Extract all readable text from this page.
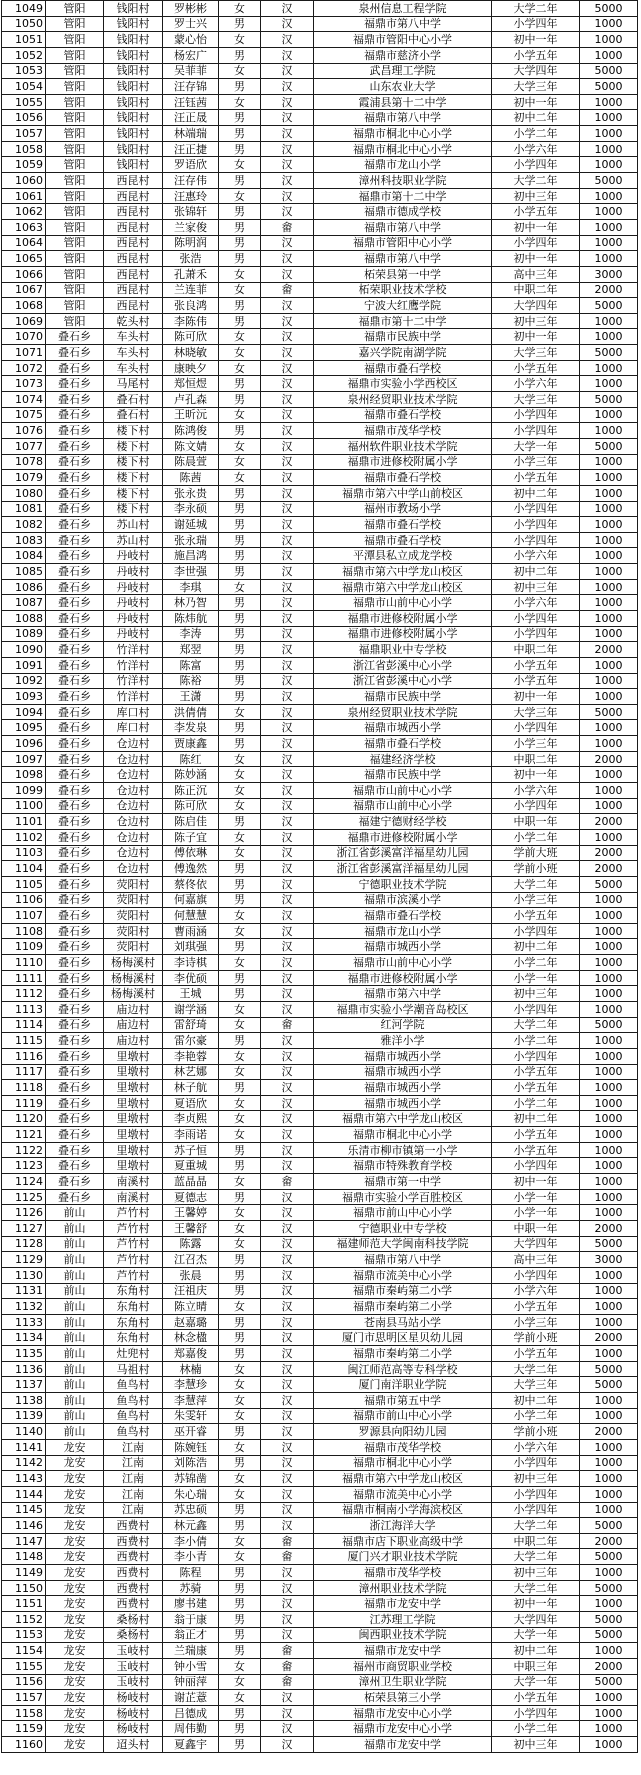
1049	管阳	钱阳村	罗彬彬	女	汉	泉州信息工程学院	大学二年	5000
1050	管阳	钱阳村	罗士兴	男	汉	福鼎市第八中学	小学四年	1000
1051	管阳	钱阳村	蒙心怡	女	汉	福鼎市管阳中心小学	初中一年	1000
1052	管阳	钱阳村	杨宏广	男	汉	福鼎市慈济小学	小学五年	1000
1053	管阳	钱阳村	吴菲菲	女	汉	武昌理工学院	大学四年	5000
1054	管阳	钱阳村	汪存锦	男	汉	山东农业大学	大学三年	5000
1055	管阳	钱阳村	汪钰茜	女	汉	霞浦县第十二中学	初中一年	1000
1056	管阳	钱阳村	汪正晟	男	汉	福鼎市第八中学	初中二年	1000
1057	管阳	钱阳村	林端瑞	男	汉	福鼎市桐北中心小学	小学二年	1000
1058	管阳	钱阳村	汪正捷	男	汉	福鼎市桐北中心小学	小学六年	1000
1059	管阳	钱阳村	罗语欣	女	汉	福鼎市龙山小学	小学四年	1000
1060	管阳	西昆村	汪存伟	男	汉	漳州科技职业学院	大学二年	5000
1061	管阳	西昆村	汪惠玲	女	汉	福鼎市第十二中学	初中三年	1000
1062	管阳	西昆村	张锦轩	男	汉	福鼎市德成学校	小学五年	1000
1063	管阳	西昆村	兰家俊	男	畲	福鼎市第八中学	初中一年	1000
1064	管阳	西昆村	陈明润	男	汉	福鼎市管阳中心小学	小学四年	1000
1065	管阳	西昆村	张浩	男	汉	福鼎市第八中学	初中一年	1000
1066	管阳	西昆村	孔萧禾	女	汉	柘荣县第一中学	高中三年	3000
1067	管阳	西昆村	兰连菲	女	畲	柘荣职业技术学校	中职二年	2000
1068	管阳	西昆村	张良鸿	男	汉	宁波大红鹰学院	大学四年	5000
1069	管阳	乾头村	李陈伟	男	汉	福鼎市第十二中学	初中三年	1000
1070	叠石乡	车头村	陈可欣	女	汉	福鼎市民族中学	初中一年	1000
1071	叠石乡	车头村	林晓敏	女	汉	嘉兴学院南湖学院	大学三年	5000
1072	叠石乡	车头村	康映夕	女	汉	福鼎市叠石学校	小学五年	1000
1073	叠石乡	马尾村	郑恒煜	男	汉	福鼎市实验小学西校区	小学六年	1000
1074	叠石乡	叠石村	卢孔森	男	汉	泉州经贸职业技术学院	大学三年	5000
1075	叠石乡	叠石村	王昕沅	女	汉	福鼎市叠石学校	小学四年	1000
1076	叠石乡	楼下村	陈鸿俊	男	汉	福鼎市茂华学校	小学四年	1000
1077	叠石乡	楼下村	陈文婧	女	汉	福州软件职业技术学院	大学一年	5000
1078	叠石乡	楼下村	陈晨萱	女	汉	福鼎市进修校附属小学	小学三年	1000
1079	叠石乡	楼下村	陈茜	女	汉	福鼎市叠石学校	小学五年	1000
1080	叠石乡	楼下村	张永贵	男	汉	福鼎市第六中学山前校区	初中二年	1000
1081	叠石乡	楼下村	李永硕	男	汉	福州市教场小学	小学四年	1000
1082	叠石乡	苏山村	谢延城	男	汉	福鼎市叠石学校	小学四年	1000
1083	叠石乡	苏山村	张永瑞	男	汉	福鼎市叠石学校	小学四年	1000
1084	叠石乡	丹岐村	施昌鸿	男	汉	平潭县私立成龙学校	小学六年	1000
1085	叠石乡	丹岐村	李世强	男	汉	福鼎市第六中学龙山校区	初中二年	1000
1086	叠石乡	丹岐村	李琪	女	汉	福鼎市第六中学龙山校区	初中三年	1000
1087	叠石乡	丹岐村	林乃智	男	汉	福鼎市山前中心小学	小学六年	1000
1088	叠石乡	丹岐村	陈炜航	男	汉	福鼎市进修校附属小学	小学四年	1000
1089	叠石乡	丹岐村	李涛	男	汉	福鼎市进修校附属小学	小学四年	1000
1090	叠石乡	竹洋村	郑翌	男	汉	福鼎职业中专学校	中职二年	2000
1091	叠石乡	竹洋村	陈富	男	汉	浙江省彭溪中心小学	小学五年	1000
1092	叠石乡	竹洋村	陈裕	男	汉	浙江省彭溪中心小学	小学五年	1000
1093	叠石乡	竹洋村	王潇	男	汉	福鼎市民族中学	初中一年	1000
1094	叠石乡	库口村	洪倩倩	女	汉	泉州经贸职业技术学院	大学三年	5000
1095	叠石乡	库口村	李发泉	男	汉	福鼎市城西小学	小学四年	1000
1096	叠石乡	仓边村	贾康鑫	男	汉	福鼎市叠石学校	小学三年	1000
1097	叠石乡	仓边村	陈红	女	汉	福建经济学校	中职二年	2000
1098	叠石乡	仓边村	陈妙涵	女	汉	福鼎市民族中学	初中一年	1000
1099	叠石乡	仓边村	陈正沉	女	汉	福鼎市山前中心小学	小学六年	1000
1100	叠石乡	仓边村	陈可欣	女	汉	福鼎市山前中心小学	小学四年	1000
1101	叠石乡	仓边村	陈启佳	男	汉	福建宁德财经学校	中职一年	2000
1102	叠石乡	仓边村	陈子宜	女	汉	福鼎市进修校附属小学	小学二年	1000
1103	叠石乡	仓边村	傅依琳	女	汉	浙江省彭溪富洋福星幼儿园	学前大班	2000
1104	叠石乡	仓边村	傅逸然	男	汉	浙江省彭溪富洋福星幼儿园	学前小班	2000
1105	叠石乡	荧阳村	蔡佟依	男	汉	宁德职业技术学院	大学二年	5000
1106	叠石乡	荧阳村	何嘉旗	男	汉	福鼎市滨溪小学	小学三年	1000
1107	叠石乡	荧阳村	何慧慧	女	汉	福鼎市叠石学校	小学五年	1000
1108	叠石乡	荧阳村	曹雨涵	女	汉	福鼎市龙山小学	小学四年	1000
1109	叠石乡	荧阳村	刘琪强	男	汉	福鼎市城西小学	初中二年	1000
1110	叠石乡	杨梅溪村	李诗棋	女	汉	福鼎市山前中心小学	小学二年	1000
1111	叠石乡	杨梅溪村	李优硕	男	汉	福鼎市进修校附属小学	小学一年	1000
1112	叠石乡	杨梅溪村	王城	男	汉	福鼎市第六中学	初中三年	1000
1113	叠石乡	庙边村	谢学涵	女	汉	福鼎市实验小学潮音岛校区	小学四年	1000
1114	叠石乡	庙边村	雷舒琦	女	畲	红河学院	大学二年	5000
1115	叠石乡	庙边村	雷尔豪	男	汉	雅洋小学	小学二年	1000
1116	叠石乡	里墩村	李艳蓉	女	汉	福鼎市城西小学	小学四年	1000
1117	叠石乡	里墩村	林艺娜	女	汉	福鼎市城西小学	小学五年	1000
1118	叠石乡	里墩村	林子航	男	汉	福鼎市城西小学	小学五年	1000
1119	叠石乡	里墩村	夏语欣	女	汉	福鼎市城西小学	小学二年	1000
1120	叠石乡	里墩村	李贞熙	女	汉	福鼎市第六中学龙山校区	初中二年	1000
1121	叠石乡	里墩村	李雨诺	女	汉	福鼎市桐北中心小学	小学五年	1000
1122	叠石乡	里墩村	苏子恒	男	汉	乐清市柳市镇第一小学	小学五年	1000
1123	叠石乡	里墩村	夏重城	男	汉	福鼎市特殊教育学校	小学四年	1000
1124	叠石乡	南溪村	蓝晶晶	女	畲	福鼎市第一中学	初中一年	1000
1125	叠石乡	南溪村	夏德志	男	汉	福鼎市实验小学百胜校区	小学一年	1000
1126	前山	芦竹村	王馨婷	女	汉	福鼎市前山中心小学	小学一年	1000
1127	前山	芦竹村	王馨舒	女	汉	宁德职业中专学校	中职一年	2000
1128	前山	芦竹村	陈露	女	汉	福建师范大学闽南科技学院	大学四年	5000
1129	前山	芦竹村	江召杰	男	汉	福鼎市第八中学	高中三年	3000
1130	前山	芦竹村	张晨	男	汉	福鼎市流美中心小学	小学四年	1000
1131	前山	东角村	汪祖庆	男	汉	福鼎市秦屿第二小学	小学六年	1000
1132	前山	东角村	陈立晴	女	汉	福鼎市秦屿第二小学	小学五年	1000
1133	前山	东角村	赵嘉璐	男	汉	苍南县马站小学	小学三年	1000
1134	前山	东角村	林念楹	男	汉	厦门市思明区星贝幼儿园	学前小班	2000
1135	前山	灶兜村	郑嘉俊	男	汉	福鼎市秦屿第二小学	小学五年	1000
1136	前山	马祖村	林楠	女	汉	闽江师范高等专科学校	大学二年	5000
1137	前山	鱼鸟村	李慧珍	女	汉	厦门南洋职业学院	大学三年	5000
1138	前山	鱼鸟村	李慧萍	女	汉	福鼎市第五中学	初中二年	1000
1139	前山	鱼鸟村	朱雯轩	女	汉	福鼎市前山中心小学	小学二年	1000
1140	前山	鱼鸟村	巫开睿	男	汉	罗源县向阳幼儿园	学前小班	2000
1141	龙安	江南	陈婉钰	女	汉	福鼎市茂华学校	小学六年	1000
1142	龙安	江南	刘陈浩	男	汉	福鼎市桐北中心小学	小学四年	1000
1143	龙安	江南	苏锦凿	女	汉	福鼎市第六中学龙山校区	初中三年	1000
1144	龙安	江南	朱心瑞	女	汉	福鼎市流美中心小学	小学四年	1000
1145	龙安	江南	苏忠硕	男	汉	福鼎市桐南小学海滨校区	小学四年	1000
1146	龙安	西费村	林元鑫	男	汉	浙江海洋大学	大学二年	5000
1147	龙安	西费村	李小倩	女	畲	福鼎市店下职业高级中学	中职二年	2000
1148	龙安	西费村	李小青	女	畲	厦门兴才职业技术学院	大学二年	5000
1149	龙安	西费村	陈程	男	汉	福鼎市茂华学校	初中三年	1000
1150	龙安	西费村	苏骑	男	汉	漳州职业技术学院	大学二年	5000
1151	龙安	西费村	廖书建	男	汉	福鼎市龙安中学	初中一年	1000
1152	龙安	桑杨村	翁于康	男	汉	江苏理工学院	大学四年	5000
1153	龙安	桑杨村	翁正才	男	汉	闽西职业技术学院	大学一年	5000
1154	龙安	玉岐村	兰瑞康	男	畲	福鼎市龙安中学	初中二年	1000
1155	龙安	玉岐村	钟小雪	女	畲	福州市商贸职业学校	中职三年	2000
1156	龙安	玉岐村	钟丽萍	女	畲	漳州卫生职业学院	大学一年	5000
1157	龙安	杨岐村	谢芷薏	女	汉	柘荣县第三小学	小学五年	1000
1158	龙安	杨岐村	吕德成	男	汉	福鼎市龙安中心小学	小学四年	1000
1159	龙安	杨岐村	周伟勤	男	汉	福鼎市龙安中心小学	小学二年	1000
1160	龙安	迢头村	夏鑫宇	男	汉	福鼎市龙安中学	初中三年	1000
